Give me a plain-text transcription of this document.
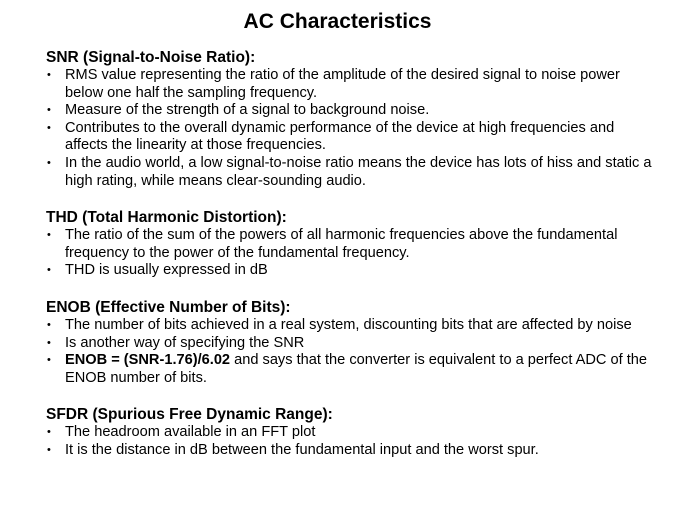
AC Characteristics
SNR (Signal-to-Noise Ratio):
• RMS value representing the ratio of the amplitude of the desired signal to noise power below one half the sampling frequency.
• Measure of the strength of a signal to background noise.
• Contributes to the overall dynamic performance of the device at high frequencies and affects the linearity at those frequencies.
• In the audio world, a low signal-to-noise ratio means the device has lots of hiss and static a high rating, while means clear-sounding audio.
THD (Total Harmonic Distortion):
• The ratio of the sum of the powers of all harmonic frequencies above the fundamental frequency to the power of the fundamental frequency.
• THD is usually expressed in dB
ENOB (Effective Number of Bits):
• The number of bits achieved in a real system, discounting bits that are affected by noise
• Is another way of specifying the SNR
• ENOB = (SNR-1.76)/6.02 and says that the converter is equivalent to a perfect ADC of the ENOB number of bits.
SFDR (Spurious Free Dynamic Range):
• The headroom available in an FFT plot
• It is the distance in dB between the fundamental input and the worst spur.
